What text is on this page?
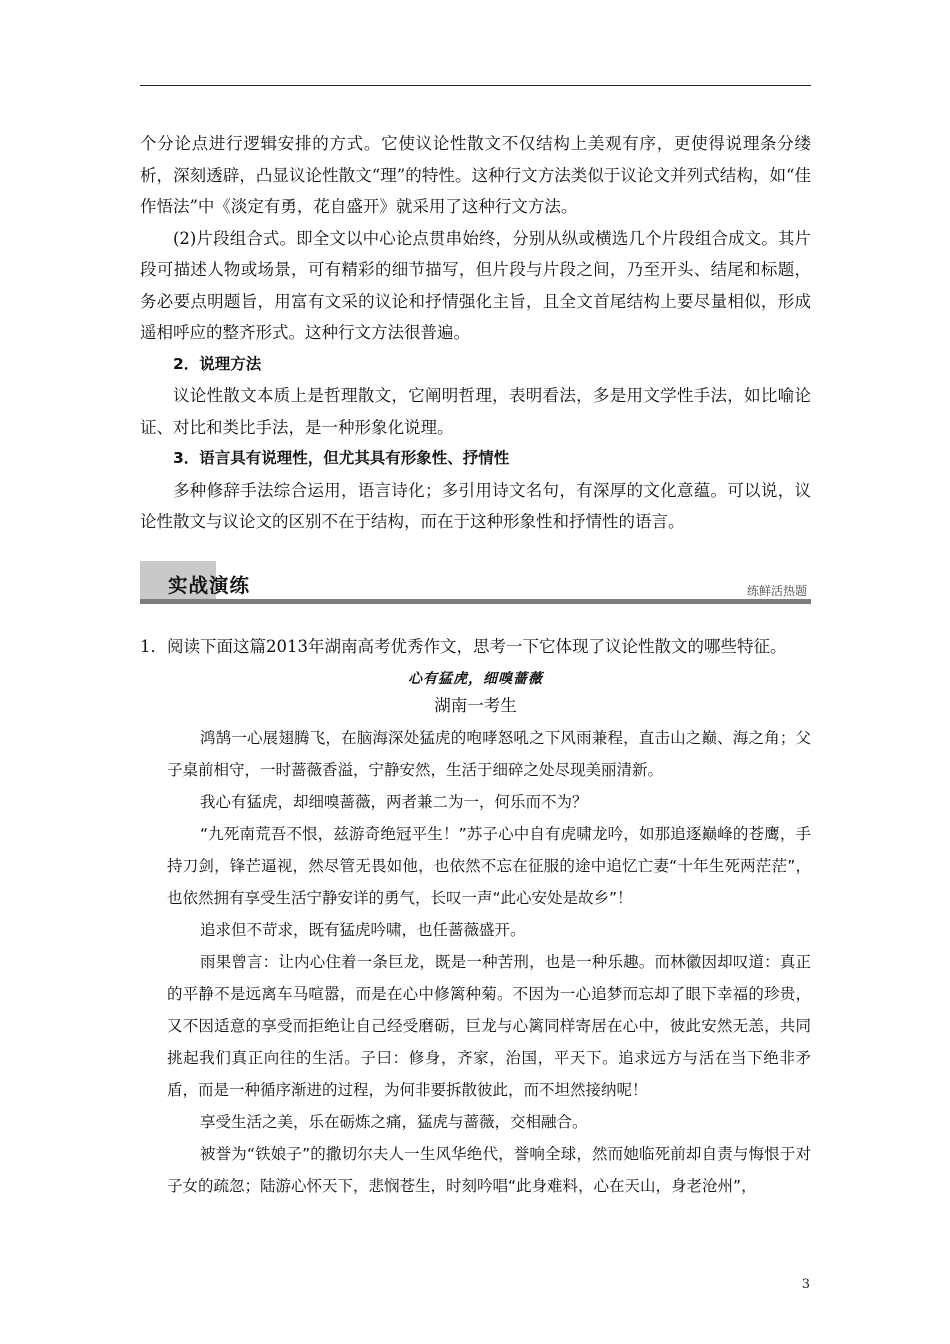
个分论点进行逻辑安排的方式。它使议论性散文不仅结构上美观有序，更使得说理条分缕析，深刻透辟，凸显议论性散文“理”的特性。这种行文方法类似于议论文并列式结构，如“佳作悟法”中《淡定有勇，花自盛开》就采用了这种行文方法。

(2)片段组合式。即全文以中心论点贯串始终，分别从纵或横选几个片段组合成文。其片段可描述人物或场景，可有精彩的细节描写，但片段与片段之间，乃至开头、结尾和标题，务必要点明题旨，用富有文采的议论和抒情强化主旨，且全文首尾结构上要尽量相似，形成遥相呼应的整齐形式。这种行文方法很普遍。

2．说理方法

议论性散文本质上是哲理散文，它阐明哲理，表明看法，多是用文学性手法，如比喻论证、对比和类比手法，是一种形象化说理。

3．语言具有说理性，但尤其具有形象性、抒情性

多种修辞手法综合运用，语言诗化；多引用诗文名句，有深厚的文化意蕴。可以说，议论性散文与议论文的区别不在于结构，而在于这种形象性和抒情性的语言。

实战演练	练鲜活热题

1．阅读下面这篇2013年湖南高考优秀作文，思考一下它体现了议论性散文的哪些特征。

心有猛虎，细嗅蔷薇

湖南一考生

鸿鹄一心展翅腾飞，在脑海深处猛虎的咆哮怒吼之下风雨兼程，直击山之巅、海之角；父子桌前相守，一时蔷薇香溢，宁静安然，生活于细碎之处尽现美丽清新。

我心有猛虎，却细嗅蔷薇，两者兼二为一，何乐而不为？

“九死南荒吾不恨，兹游奇绝冠平生！”苏子心中自有虎啸龙吟，如那追逐巅峰的苍鹰，手持刀剑，锋芒逼视，然尽管无畏如他，也依然不忘在征服的途中追忆亡妻“十年生死两茫茫”，也依然拥有享受生活宁静安详的勇气，长叹一声“此心安处是故乡”！

追求但不苛求，既有猛虎吟啸，也任蔷薇盛开。

雨果曾言：让内心住着一条巨龙，既是一种苦刑，也是一种乐趣。而林徽因却叹道：真正的平静不是远离车马喧嚣，而是在心中修篱种菊。不因为一心追梦而忘却了眼下幸福的珍贵，又不因适意的享受而拒绝让自己经受磨砺，巨龙与心篱同样寄居在心中，彼此安然无恙，共同挑起我们真正向往的生活。子曰：修身，齐家，治国，平天下。追求远方与活在当下绝非矛盾，而是一种循序渐进的过程，为何非要拆散彼此，而不坦然接纳呢！

享受生活之美，乐在砺炼之痛，猛虎与蔷薇，交相融合。

被誉为“铁娘子”的撒切尔夫人一生风华绝代，誉响全球，然而她临死前却自责与悔恨于对子女的疏忽；陆游心怀天下，悲悯苍生，时刻吟唱“此身难料，心在天山，身老沧州”，

3
